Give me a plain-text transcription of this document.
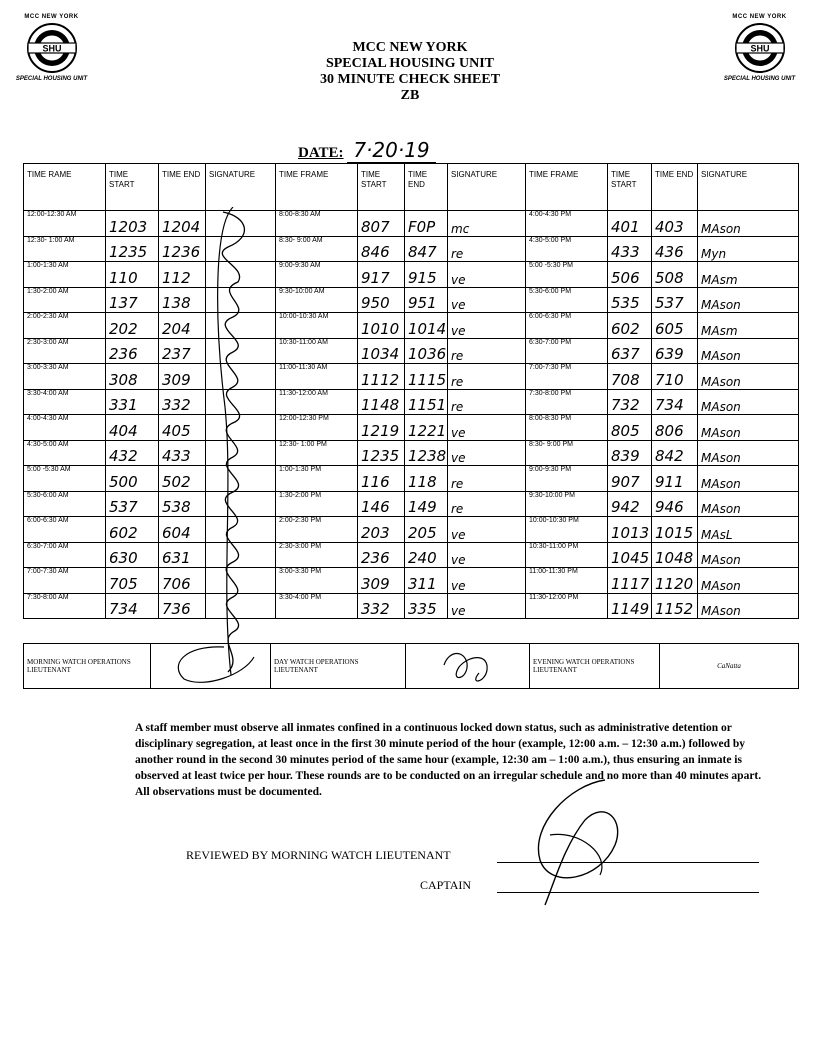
MCC NEW YORK
SHU
SPECIAL HOUSING UNIT
MCC NEW YORK
SHU
SPECIAL HOUSING UNIT
MCC NEW YORK
SPECIAL HOUSING UNIT
30 MINUTE CHECK SHEET
ZB
DATE: 7·20·19
TIME RAME	TIME START	TIME END	SIGNATURE	TIME FRAME	TIME START	TIME END	SIGNATURE	TIME FRAME	TIME START	TIME END	SIGNATURE
12:00-12:30 AM	1203	1204		8:00-8:30 AM	807	F0P	mc	4:00-4:30 PM	401	403	MAson
12:30- 1:00 AM	1235	1236		8:30- 9:00 AM	846	847	re	4:30-5:00 PM	433	436	Myn
1:00-1:30 AM	110	112		9:00-9:30 AM	917	915	ve	5:00 -5:30 PM	506	508	MAsm
1:30-2:00 AM	137	138		9:30-10:00 AM	950	951	ve	5:30-6:00 PM	535	537	MAson
2:00-2:30 AM	202	204		10:00-10:30 AM	1010	1014	ve	6:00-6:30 PM	602	605	MAsm
2:30-3:00 AM	236	237		10:30-11:00 AM	1034	1036	re	6:30-7:00 PM	637	639	MAson
3:00-3:30 AM	308	309		11:00-11:30 AM	1112	1115	re	7:00-7:30 PM	708	710	MAson
3:30-4:00 AM	331	332		11:30-12:00 AM	1148	1151	re	7:30-8:00 PM	732	734	MAson
4:00-4:30 AM	404	405		12:00-12:30 PM	1219	1221	ve	8:00-8:30 PM	805	806	MAson
4:30-5:00 AM	432	433		12:30- 1:00 PM	1235	1238	ve	8:30- 9:00 PM	839	842	MAson
5:00 -5:30 AM	500	502		1:00-1:30 PM	116	118	re	9:00-9:30 PM	907	911	MAson
5:30-6:00 AM	537	538		1:30-2:00 PM	146	149	re	9:30-10:00 PM	942	946	MAson
6:00-6:30 AM	602	604		2:00-2:30 PM	203	205	ve	10:00-10:30 PM	1013	1015	MAsL
6:30-7:00 AM	630	631		2:30-3:00 PM	236	240	ve	10:30-11:00 PM	1045	1048	MAson
7:00-7:30 AM	705	706		3:00-3:30 PM	309	311	ve	11:00-11:30 PM	1117	1120	MAson
7:30-8:00 AM	734	736		3:30-4:00 PM	332	335	ve	11:30-12:00 PM	1149	1152	MAson
MORNING WATCH OPERATIONS LIEUTENANT		DAY WATCH OPERATIONS LIEUTENANT		EVENING WATCH OPERATIONS LIEUTENANT	CaNatta
A staff member must observe all inmates confined in a continuous locked down status, such as administrative detention or disciplinary segregation, at least once in the first 30 minute period of the hour (example, 12:00 a.m. – 12:30 a.m.) followed by another round in the second 30 minutes period of the same hour (example, 12:30 am – 1:00 a.m.), thus ensuring an inmate is observed at least twice per hour. These rounds are to be conducted on an irregular schedule and no more than 40 minutes apart. All observations must be documented.
REVIEWED BY MORNING WATCH LIEUTENANT
CAPTAIN
